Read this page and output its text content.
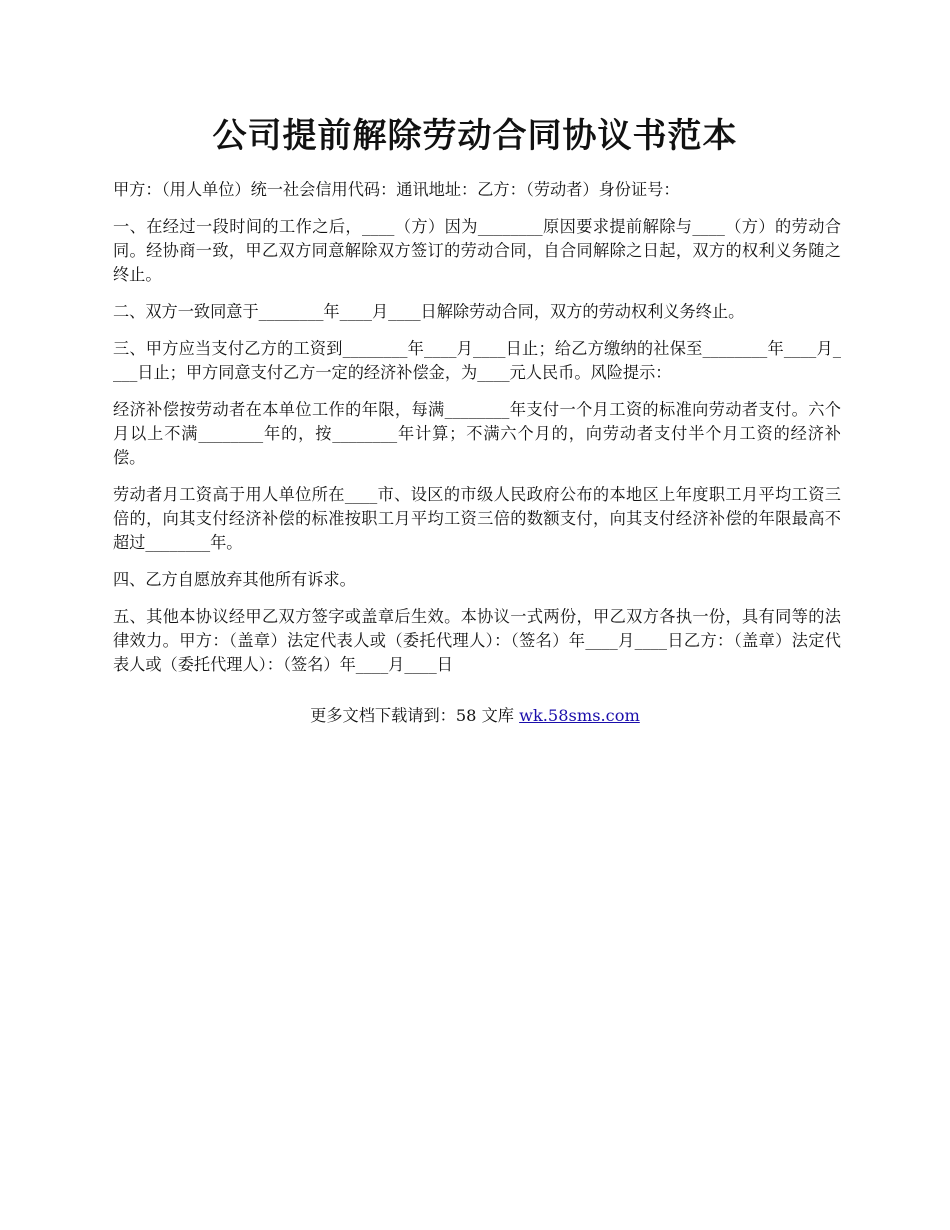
公司提前解除劳动合同协议书范本

甲方：（用人单位）统一社会信用代码：通讯地址：乙方：（劳动者）身份证号：

一、在经过一段时间的工作之后，____（方）因为________原因要求提前解除与____（方）的劳动合同。经协商一致，甲乙双方同意解除双方签订的劳动合同，自合同解除之日起，双方的权利义务随之终止。

二、双方一致同意于________年____月____日解除劳动合同，双方的劳动权利义务终止。

三、甲方应当支付乙方的工资到________年____月____日止；给乙方缴纳的社保至________年____月____日止；甲方同意支付乙方一定的经济补偿金，为____元人民币。风险提示：

经济补偿按劳动者在本单位工作的年限，每满________年支付一个月工资的标准向劳动者支付。六个月以上不满________年的，按________年计算；不满六个月的，向劳动者支付半个月工资的经济补偿。

劳动者月工资高于用人单位所在____市、设区的市级人民政府公布的本地区上年度职工月平均工资三倍的，向其支付经济补偿的标准按职工月平均工资三倍的数额支付，向其支付经济补偿的年限最高不超过________年。

四、乙方自愿放弃其他所有诉求。

五、其他本协议经甲乙双方签字或盖章后生效。本协议一式两份，甲乙双方各执一份，具有同等的法律效力。甲方：（盖章）法定代表人或（委托代理人）：（签名）年____月____日乙方：（盖章）法定代表人或（委托代理人）：（签名）年____月____日

更多文档下载请到：58 文库 wk.58sms.com
